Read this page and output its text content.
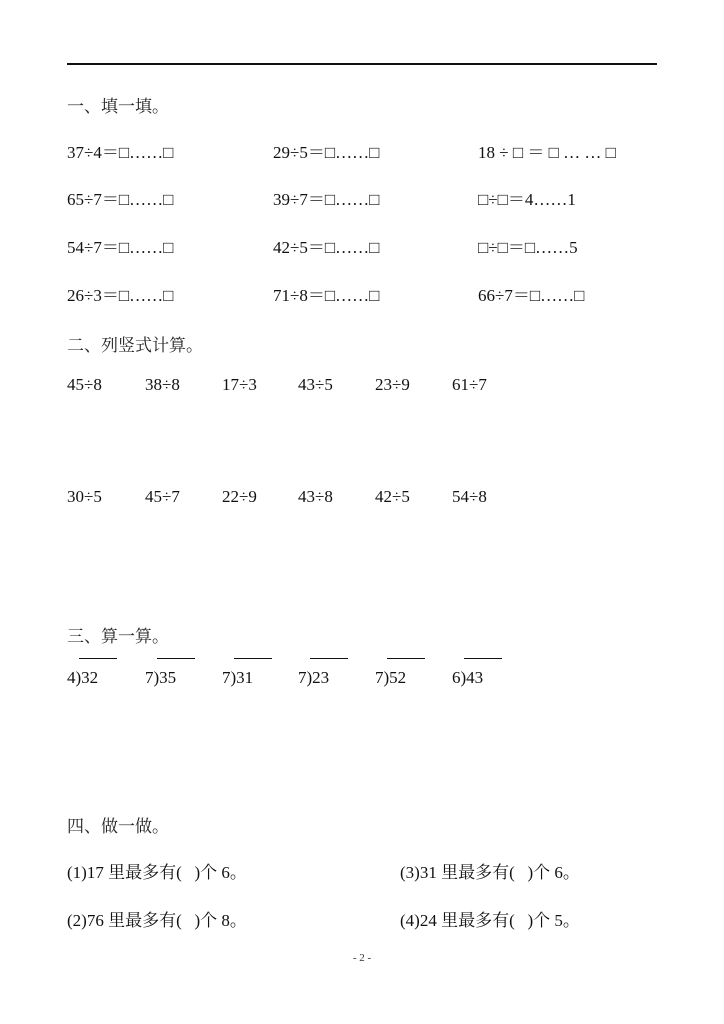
一、填一填。
37÷4＝□……□	29÷5＝□……□	18 ÷ □ ＝ □ … … □
65÷7＝□……□	39÷7＝□……□	□÷□＝4……1
54÷7＝□……□	42÷5＝□……□	□÷□＝□……5
26÷3＝□……□	71÷8＝□……□	66÷7＝□……□
二、列竖式计算。
45÷8	38÷8 17÷3 43÷5 23÷9 61÷7
30÷5	45÷7 22÷9 43÷8 42÷5 54÷8
三、算一算。
4)32	7)35	7)31	7)23	7)52	6)43
四、做一做。
(1)17 里最多有(   )个 6。	(3)31 里最多有(   )个 6。
(2)76 里最多有(   )个 8。	(4)24 里最多有(   )个 5。
- 2 -
